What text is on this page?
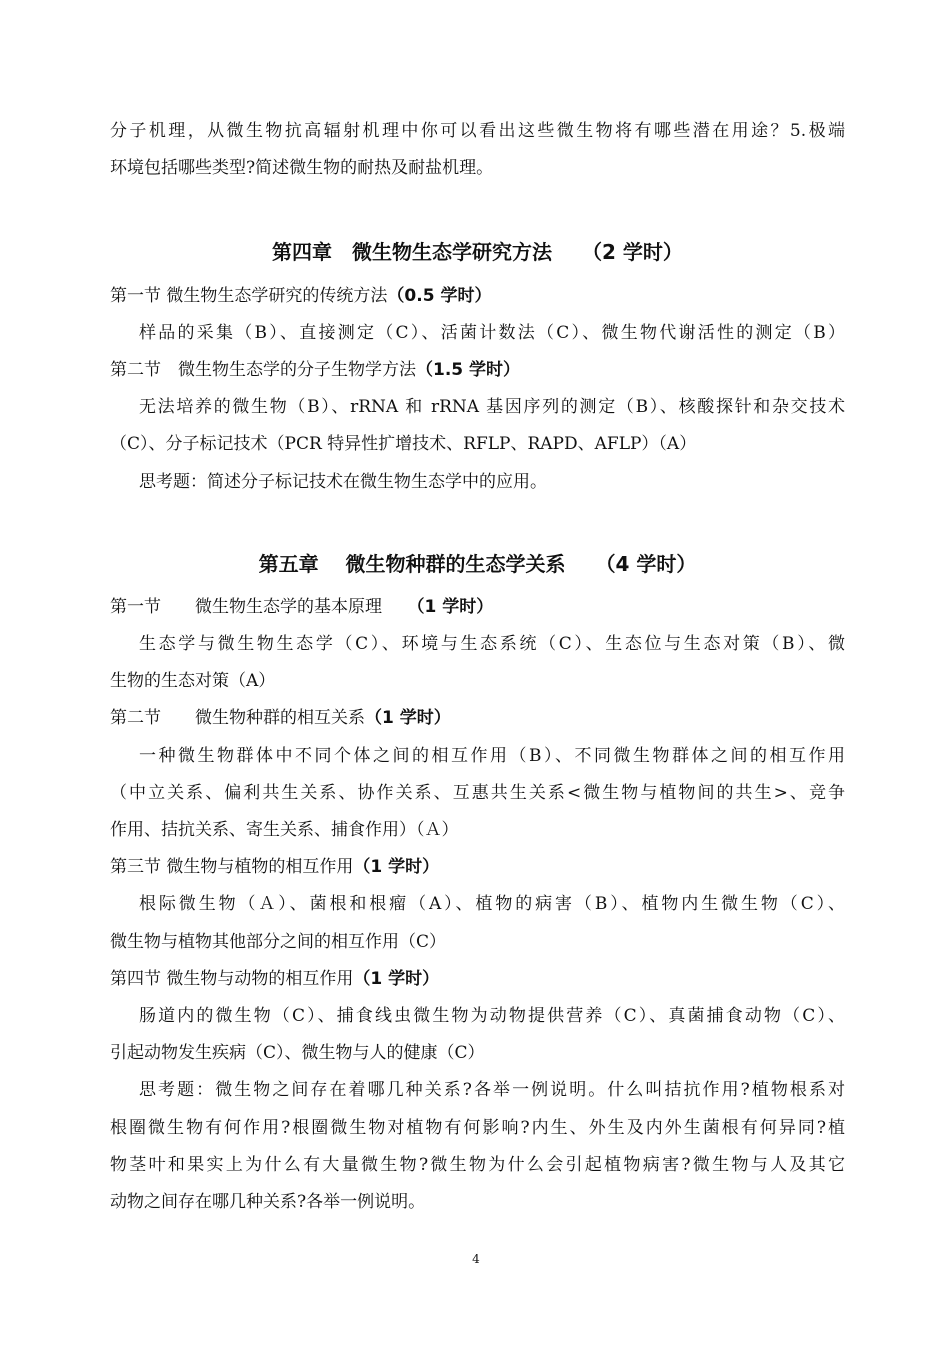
分子机理，从微生物抗高辐射机理中你可以看出这些微生物将有哪些潜在用途？5.极端

环境包括哪些类型?简述微生物的耐热及耐盐机理。

第四章　微生物生态学研究方法　　（2 学时）

第一节 微生物生态学研究的传统方法（0.5 学时）

样品的采集（B）、直接测定（C）、活菌计数法（C）、微生物代谢活性的测定（B）

第二节　微生物生态学的分子生物学方法（1.5 学时）

无法培养的微生物（B）、rRNA 和 rRNA 基因序列的测定（B）、核酸探针和杂交技术

（C）、分子标记技术（PCR 特异性扩增技术、RFLP、RAPD、AFLP）（A）

思考题：简述分子标记技术在微生物生态学中的应用。

第五章　 微生物种群的生态学关系　　（4 学时）

第一节　　微生物生态学的基本原理　　（1 学时）

生态学与微生物生态学（C）、环境与生态系统（C）、生态位与生态对策（B）、微

生物的生态对策（A）

第二节　　微生物种群的相互关系（1 学时）

一种微生物群体中不同个体之间的相互作用（B）、不同微生物群体之间的相互作用

（中立关系、偏利共生关系、协作关系、互惠共生关系<微生物与植物间的共生>、竞争

作用、拮抗关系、寄生关系、捕食作用）（Ａ）

第三节 微生物与植物的相互作用（1 学时）

根际微生物（Ａ）、菌根和根瘤（A）、植物的病害（B）、植物内生微生物（C）、

微生物与植物其他部分之间的相互作用（C）

第四节 微生物与动物的相互作用（1 学时）

肠道内的微生物（C）、捕食线虫微生物为动物提供营养（C）、真菌捕食动物（C）、

引起动物发生疾病（C）、微生物与人的健康（C）

思考题：微生物之间存在着哪几种关系?各举一例说明。什么叫拮抗作用?植物根系对

根圈微生物有何作用?根圈微生物对植物有何影响?内生、外生及内外生菌根有何异同?植

物茎叶和果实上为什么有大量微生物?微生物为什么会引起植物病害?微生物与人及其它

动物之间存在哪几种关系?各举一例说明。

4
